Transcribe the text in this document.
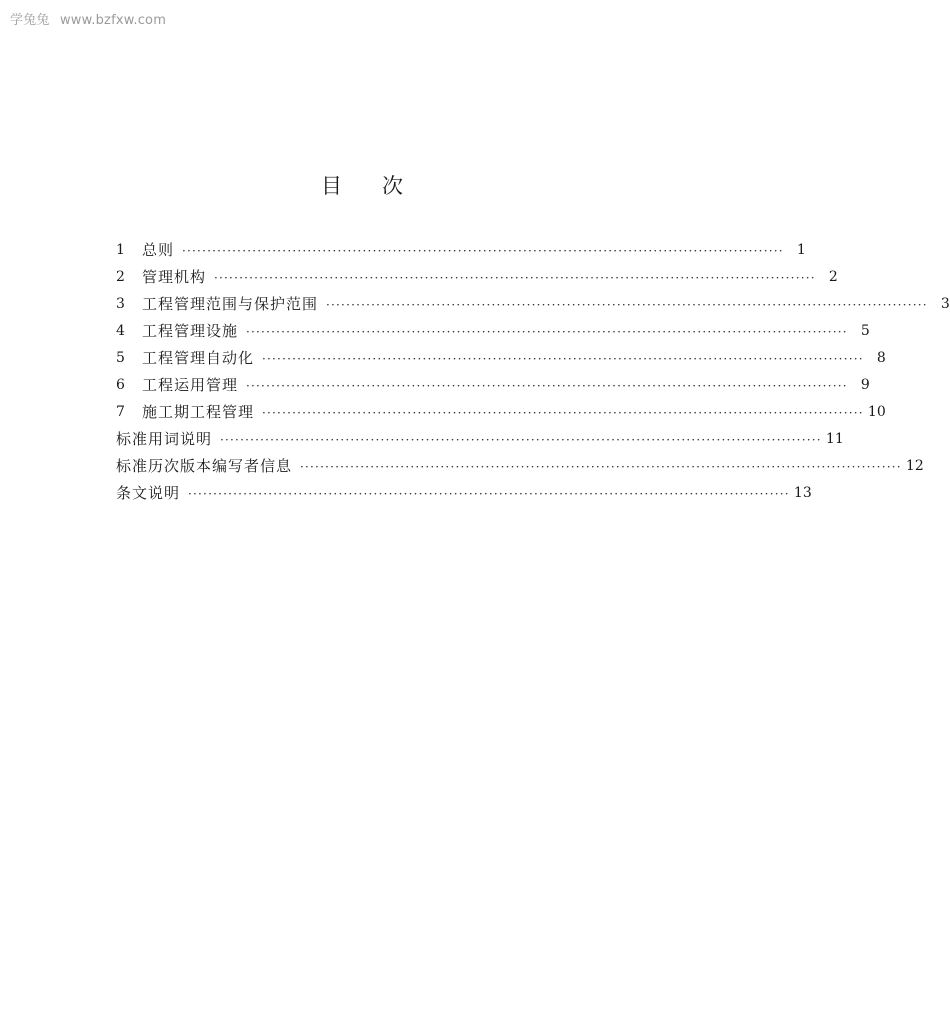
学兔兔 www.bzfxw.com
目次
1	总则 ························································································································ 1
2	管理机构 ························································································································ 2
3	工程管理范围与保护范围 ························································································································ 3
4	工程管理设施 ························································································································ 5
5	工程管理自动化 ························································································································ 8
6	工程运用管理 ························································································································ 9
7	施工期工程管理 ························································································································ 10
标准用词说明 ························································································································ 11
标准历次版本编写者信息 ························································································································ 12
条文说明 ························································································································ 13
